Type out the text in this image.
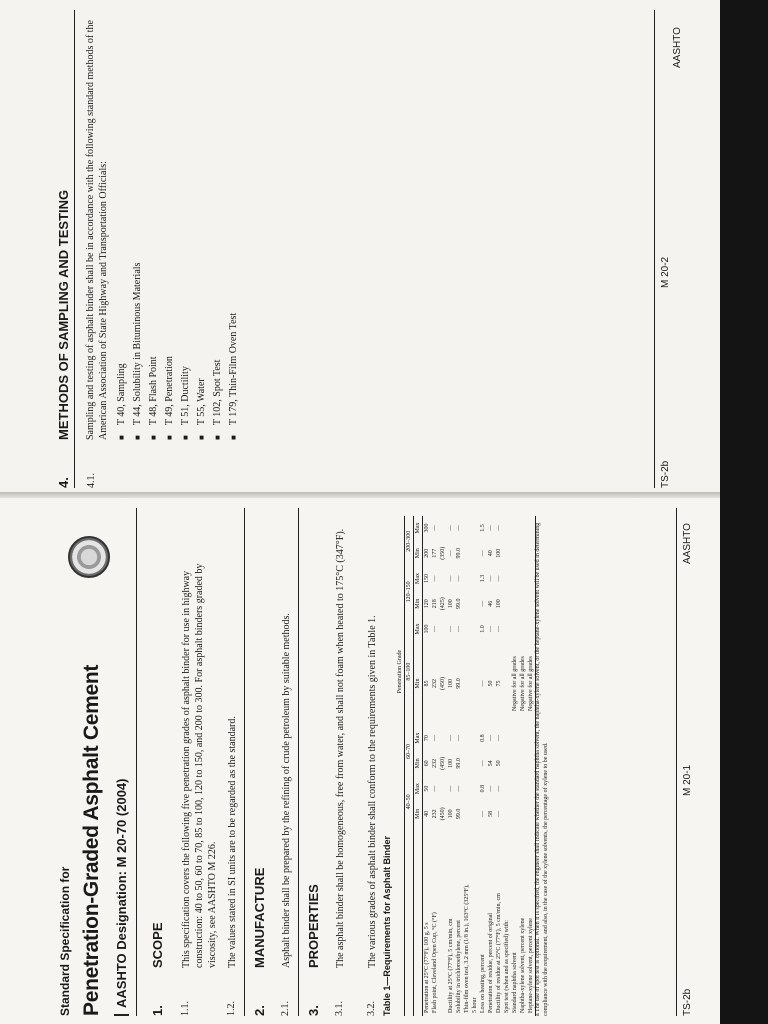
4.
METHODS OF SAMPLING AND TESTING
4.1.
Sampling and testing of asphalt binder shall be in accordance with the following standard methods of the American Association of State Highway and Transportation Officials: ■ T 40, Sampling ■ T 44, Solubility in Bituminous Materials ■ T 48, Flash Point ■ T 49, Penetration ■ T 51, Ductility ■ T 55, Water ■ T 102, Spot Test ■ T 179, Thin-Film Oven Test
TS-2b
M 20-2
AASHTO
Standard Specification for Penetration-Graded Asphalt Cement AASHTO Designation: M 20-70 (2004)
1.
SCOPE
1.1.
This specification covers the following five penetration grades of asphalt binder for use in highway construction: 40 to 50, 60 to 70, 85 to 100, 120 to 150, and 200 to 300. For asphalt binders graded by viscosity, see AASHTO M 226.
1.2.
The values stated in SI units are to be regarded as the standard.
2.
MANUFACTURE
2.1.
Asphalt binder shall be prepared by the refining of crude petroleum by suitable methods.
3.
PROPERTIES
3.1.
The asphalt binder shall be homogeneous, free from water, and shall not foam when heated to 175°C (347°F).
3.2.
The various grades of asphalt binder shall conform to the requirements given in Table 1. Table 1—Requirements for Asphalt Binder
	Penetration Grade									
	40–50		60–70		85–100		120–150		200–300	
	Min	Max	Min	Max	Min	Max	Min	Max	Min	Max
Penetration at 25°C (77°F), 100 g, 5 s	40	50	60	70	85	100	120	150	200	300
Flash point, Cleveland Open Cup, °C (°F)	232	—	232	—	232	—	218	—	177	—
	(450)		(450)		(450)		(425)		(350)	
Ductility at 25°C (77°F), 5 cm/min, cm	100	—	100	—	100	—	100	—	—	—
Solubility in trichloroethylene, percent	99.0	—	99.0	—	99.0	—	99.0	—	99.0	—
Thin-film oven test, 3.2 mm (1/8 in.), 163°C (325°F),										
5 hour										
Loss on heating, percent	—	0.8	—	0.8	—	1.0	—	1.3	—	1.5
Penetration of residue, percent of original	58	—	54	—	50	—	46	—	40	—
Ductility of residue at 25°C (77°F), 5 cm/min, cm	—	—	50	—	75	—	100	—	100	—
Spot test (when and as specified) with:										
Standard naphtha solvent					Negative for all grades					
Naphtha-xylene solvent, percent xylene					Negative for all grades					
Heptane-xylene solvent, percent xylene					Negative for all grades					a The use of spot test is optional. When it is specified, the engineer shall indicate whether the standard naphtha solvent, the naphtha-xylene solvent, or the heptane-xylene solvent will be used in determining compliance with the requirement, and also, in the case of the xylene solvents, the percentage of xylene to be used.	TS-2b
M 20-1
AASHTO
